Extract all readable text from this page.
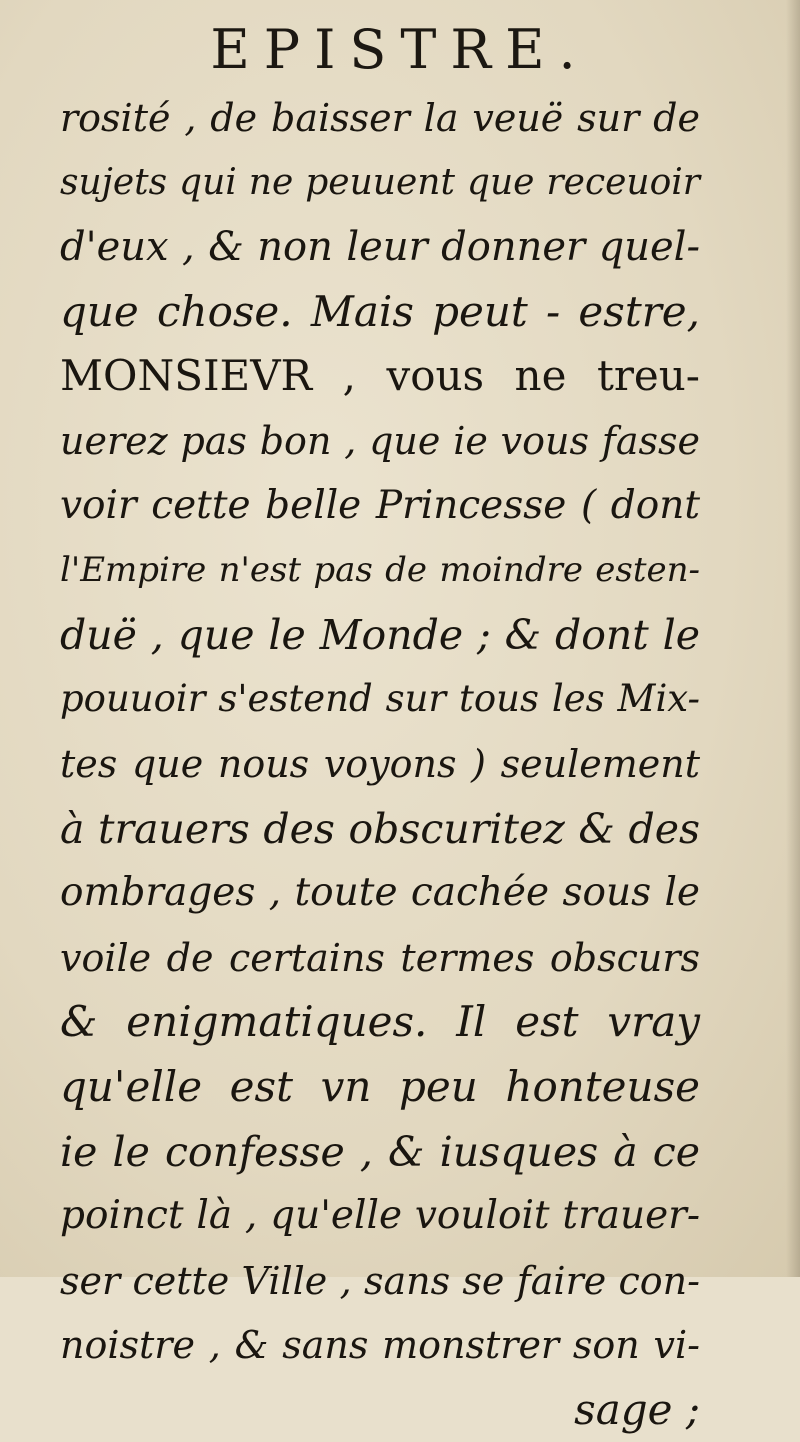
EPISTRE.
rosité , de baisser la veuë sur de
sujets qui ne peuuent que receuoir
d'eux , & non leur donner quel-
que chose. Mais peut - estre,
MONSIEVR , vous ne treu-
uerez pas bon , que ie vous fasse
voir cette belle Princesse ( dont
l'Empire n'est pas de moindre esten-
duë , que le Monde ; & dont le
pouuoir s'estend sur tous les Mix-
tes que nous voyons ) seulement
à trauers des obscuritez & des
ombrages , toute cachée sous le
voile de certains termes obscurs
& enigmatiques. Il est vray
qu'elle est vn peu honteuse
ie le confesse , & iusques à ce
poinct là , qu'elle vouloit trauer-
ser cette Ville , sans se faire con-
noistre , & sans monstrer son vi-
sage ;
